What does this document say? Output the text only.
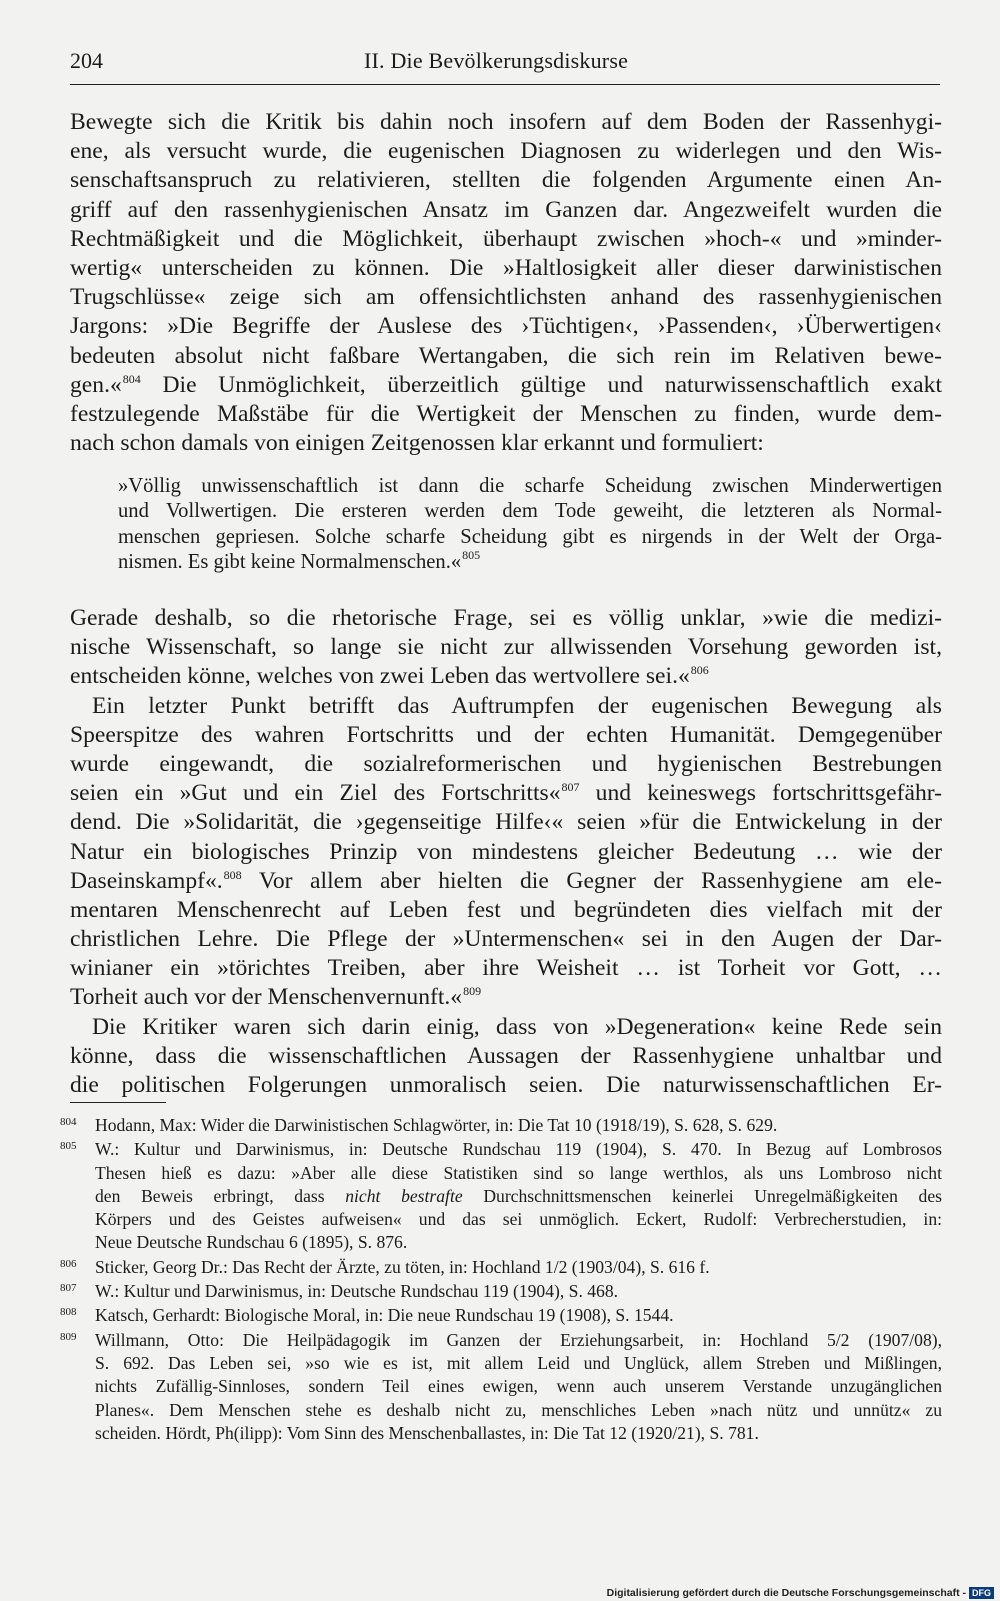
204	II. Die Bevölkerungsdiskurse
Bewegte sich die Kritik bis dahin noch insofern auf dem Boden der Rassenhygi-
ene, als versucht wurde, die eugenischen Diagnosen zu widerlegen und den Wis-
senschaftsanspruch zu relativieren, stellten die folgenden Argumente einen An-
griff auf den rassenhygienischen Ansatz im Ganzen dar. Angezweifelt wurden die
Rechtmäßigkeit und die Möglichkeit, überhaupt zwischen »hoch-« und »minder-
wertig« unterscheiden zu können. Die »Haltlosigkeit aller dieser darwinistischen
Trugschlüsse« zeige sich am offensichtlichsten anhand des rassenhygienischen
Jargons: »Die Begriffe der Auslese des ›Tüchtigen‹, ›Passenden‹, ›Überwertigen‹
bedeuten absolut nicht faßbare Wertangaben, die sich rein im Relativen bewe-
gen.«$^{804}$ Die Unmöglichkeit, überzeitlich gültige und naturwissenschaftlich exakt
festzulegende Maßstäbe für die Wertigkeit der Menschen zu finden, wurde dem-
nach schon damals von einigen Zeitgenossen klar erkannt und formuliert:
»Völlig unwissenschaftlich ist dann die scharfe Scheidung zwischen Minderwertigen
und Vollwertigen. Die ersteren werden dem Tode geweiht, die letzteren als Normal-
menschen gepriesen. Solche scharfe Scheidung gibt es nirgends in der Welt der Orga-
nismen. Es gibt keine Normalmenschen.«$^{805}$
Gerade deshalb, so die rhetorische Frage, sei es völlig unklar, »wie die medizi-
nische Wissenschaft, so lange sie nicht zur allwissenden Vorsehung geworden ist,
entscheiden könne, welches von zwei Leben das wertvollere sei.«$^{806}$
Ein letzter Punkt betrifft das Auftrumpfen der eugenischen Bewegung als
Speerspitze des wahren Fortschritts und der echten Humanität. Demgegenüber
wurde eingewandt, die sozialreformerischen und hygienischen Bestrebungen
seien ein »Gut und ein Ziel des Fortschritts«$^{807}$ und keineswegs fortschrittsgefähr-
dend. Die »Solidarität, die ›gegenseitige Hilfe‹« seien »für die Entwickelung in der
Natur ein biologisches Prinzip von mindestens gleicher Bedeutung … wie der
Daseinskampf«.$^{808}$ Vor allem aber hielten die Gegner der Rassenhygiene am ele-
mentaren Menschenrecht auf Leben fest und begründeten dies vielfach mit der
christlichen Lehre. Die Pflege der »Untermenschen« sei in den Augen der Dar-
winianer ein »törichtes Treiben, aber ihre Weisheit … ist Torheit vor Gott, …
Torheit auch vor der Menschenvernunft.«$^{809}$
Die Kritiker waren sich darin einig, dass von »Degeneration« keine Rede sein
könne, dass die wissenschaftlichen Aussagen der Rassenhygiene unhaltbar und
die politischen Folgerungen unmoralisch seien. Die naturwissenschaftlichen Er-
804 Hodann, Max: Wider die Darwinistischen Schlagwörter, in: Die Tat 10 (1918/19), S. 628, S. 629.
805 W.: Kultur und Darwinismus, in: Deutsche Rundschau 119 (1904), S. 470. In Bezug auf Lombrosos
Thesen hieß es dazu: »Aber alle diese Statistiken sind so lange werthlos, als uns Lombroso nicht
den Beweis erbringt, dass nicht bestrafte Durchschnittsmenschen keinerlei Unregelmäßigkeiten des
Körpers und des Geistes aufweisen« und das sei unmöglich. Eckert, Rudolf: Verbrecherstudien, in:
Neue Deutsche Rundschau 6 (1895), S. 876.
806 Sticker, Georg Dr.: Das Recht der Ärzte, zu töten, in: Hochland 1/2 (1903/04), S. 616 f.
807 W.: Kultur und Darwinismus, in: Deutsche Rundschau 119 (1904), S. 468.
808 Katsch, Gerhardt: Biologische Moral, in: Die neue Rundschau 19 (1908), S. 1544.
809 Willmann, Otto: Die Heilpädagogik im Ganzen der Erziehungsarbeit, in: Hochland 5/2 (1907/08),
S. 692. Das Leben sei, »so wie es ist, mit allem Leid und Unglück, allem Streben und Mißlingen,
nichts Zufällig-Sinnloses, sondern Teil eines ewigen, wenn auch unserem Verstande unzugänglichen
Planes«. Dem Menschen stehe es deshalb nicht zu, menschliches Leben »nach nütz und unnütz« zu
scheiden. Hördt, Ph(ilipp): Vom Sinn des Menschenballastes, in: Die Tat 12 (1920/21), S. 781.
Digitalisierung gefördert durch die Deutsche Forschungsgemeinschaft - DFG
